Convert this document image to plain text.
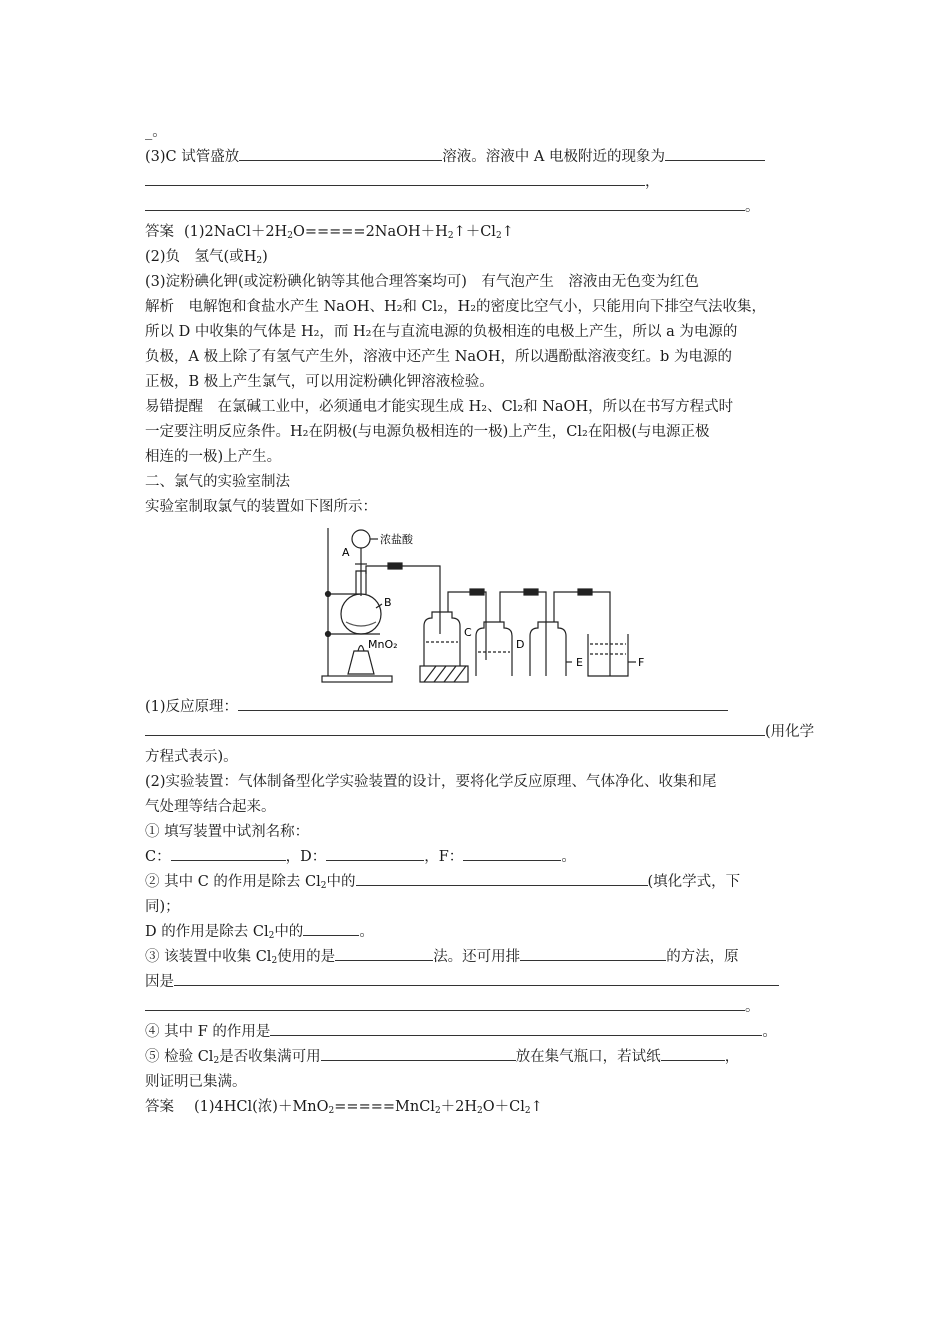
_。
(3)C 试管盛放	溶液。溶液中 A 电极附近的现象为
，
。
答案 $(1)2NaCl+2H_2O=====2NaOH+H_2↑+Cl_2↑$
(2)负　氢气(或$H_2$)
(3)淀粉碘化钾(或淀粉碘化钠等其他合理答案均可)　有气泡产生　溶液由无色变为红色
解析　电解饱和食盐水产生 NaOH、H₂和 Cl₂，H₂的密度比空气小，只能用向下排空气法收集，
所以 D 中收集的气体是 H₂，而 H₂在与直流电源的负极相连的电极上产生，所以 a 为电源的
负极，A 极上除了有氢气产生外，溶液中还产生 NaOH，所以遇酚酞溶液变红。b 为电源的
正极，B 极上产生氯气，可以用淀粉碘化钾溶液检验。
易错提醒　在氯碱工业中，必须通电才能实现生成 H₂、Cl₂和 NaOH，所以在书写方程式时
一定要注明反应条件。H₂在阴极(与电源负极相连的一极)上产生，Cl₂在阳极(与电源正极
相连的一极)上产生。
二、氯气的实验室制法
实验室制取氯气的装置如下图所示：
浓盐酸
A
B
MnO₂
C
D
E	F
(1)反应原理：
(用化学
方程式表示)。
(2)实验装置：气体制备型化学实验装置的设计，要将化学反应原理、气体净化、收集和尾
气处理等结合起来。
① 填写装置中试剂名称：
C：	，D：	，F：	。
② 其中 C 的作用是除去 $Cl_2$中的	(填化学式，下
同)；
D 的作用是除去 $Cl_2$中的	。
③ 该装置中收集 $Cl_2$使用的是	法。还可用排	的方法，原
因是
。
④ 其中 F 的作用是	。
⑤ 检验 $Cl_2$是否收集满可用	放在集气瓶口，若试纸	，
则证明已集满。
答案 (1)4HCl(浓)$+MnO_2=====MnCl_2+2H_2O+Cl_2↑$
